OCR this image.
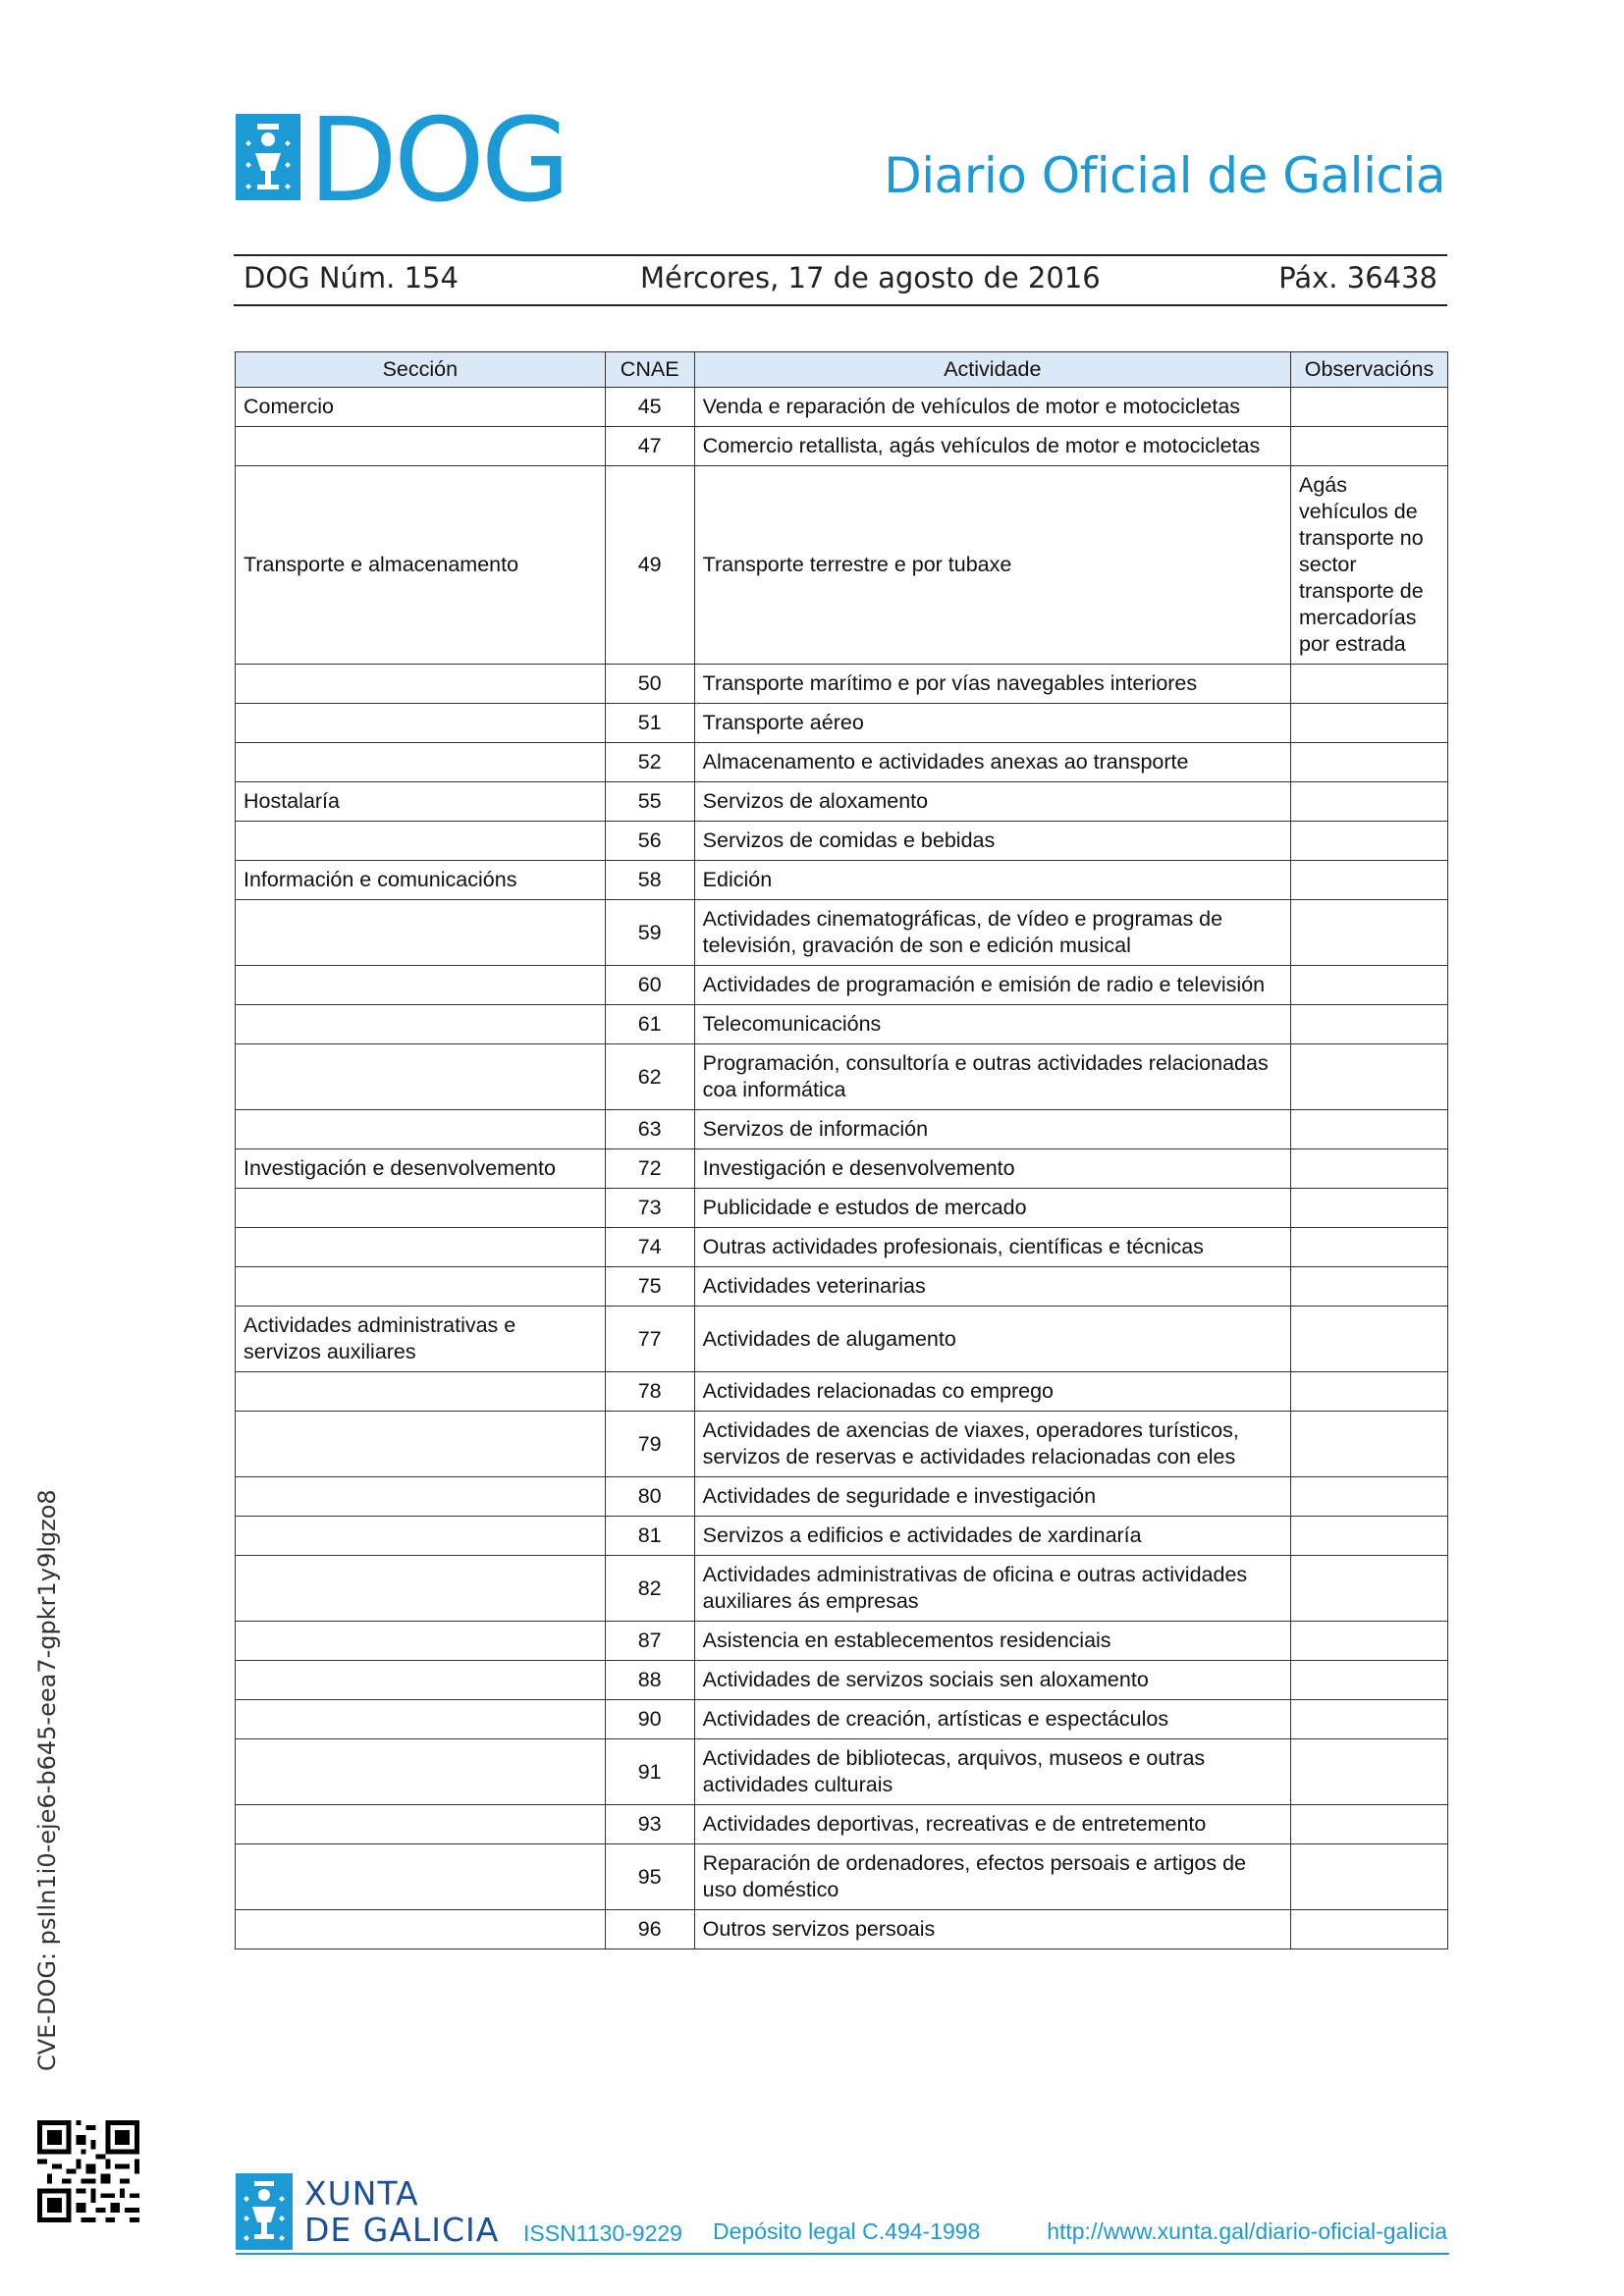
DOG	Diario Oficial de Galicia
DOG Núm. 154	Mércores, 17 de agosto de 2016	Páx. 36438
Sección	CNAE	Actividade	Observacións
Comercio	45	Venda e reparación de vehículos de motor e motocicletas	
	47	Comercio retallista, agás vehículos de motor e motocicletas	
Transporte e almacenamento	49	Transporte terrestre e por tubaxe	Agás vehículos de transporte no sector transporte de mercadorías por estrada
	50	Transporte marítimo e por vías navegables interiores	
	51	Transporte aéreo	
	52	Almacenamento e actividades anexas ao transporte	
Hostalaría	55	Servizos de aloxamento	
	56	Servizos de comidas e bebidas	
Información e comunicacións	58	Edición	
	59	Actividades cinematográficas, de vídeo e programas de televisión, gravación de son e edición musical	
	60	Actividades de programación e emisión de radio e televisión	
	61	Telecomunicacións	
	62	Programación, consultoría e outras actividades relacionadas coa informática	
	63	Servizos de información	
Investigación e desenvolvemento	72	Investigación e desenvolvemento	
	73	Publicidade e estudos de mercado	
	74	Outras actividades profesionais, científicas e técnicas	
	75	Actividades veterinarias	
Actividades administrativas e servizos auxiliares	77	Actividades de alugamento	
	78	Actividades relacionadas co emprego	
	79	Actividades de axencias de viaxes, operadores turísticos, servizos de reservas e actividades relacionadas con eles	
	80	Actividades de seguridade e investigación	
	81	Servizos a edificios e actividades de xardinaría	
	82	Actividades administrativas de oficina e outras actividades auxiliares ás empresas	
	87	Asistencia en establecementos residenciais	
	88	Actividades de servizos sociais sen aloxamento	
	90	Actividades de creación, artísticas e espectáculos	
	91	Actividades de bibliotecas, arquivos, museos e outras actividades culturais	
	93	Actividades deportivas, recreativas e de entretemento	
	95	Reparación de ordenadores, efectos persoais e artigos de uso doméstico	
	96	Outros servizos persoais	
CVE-DOG: psIln1i0-eje6-b645-eea7-gpkr1y9lgzo8
XUNTA
DE GALICIA ISSN1130-9229 Depósito legal C.494-1998	http://www.xunta.gal/diario-oficial-galicia
